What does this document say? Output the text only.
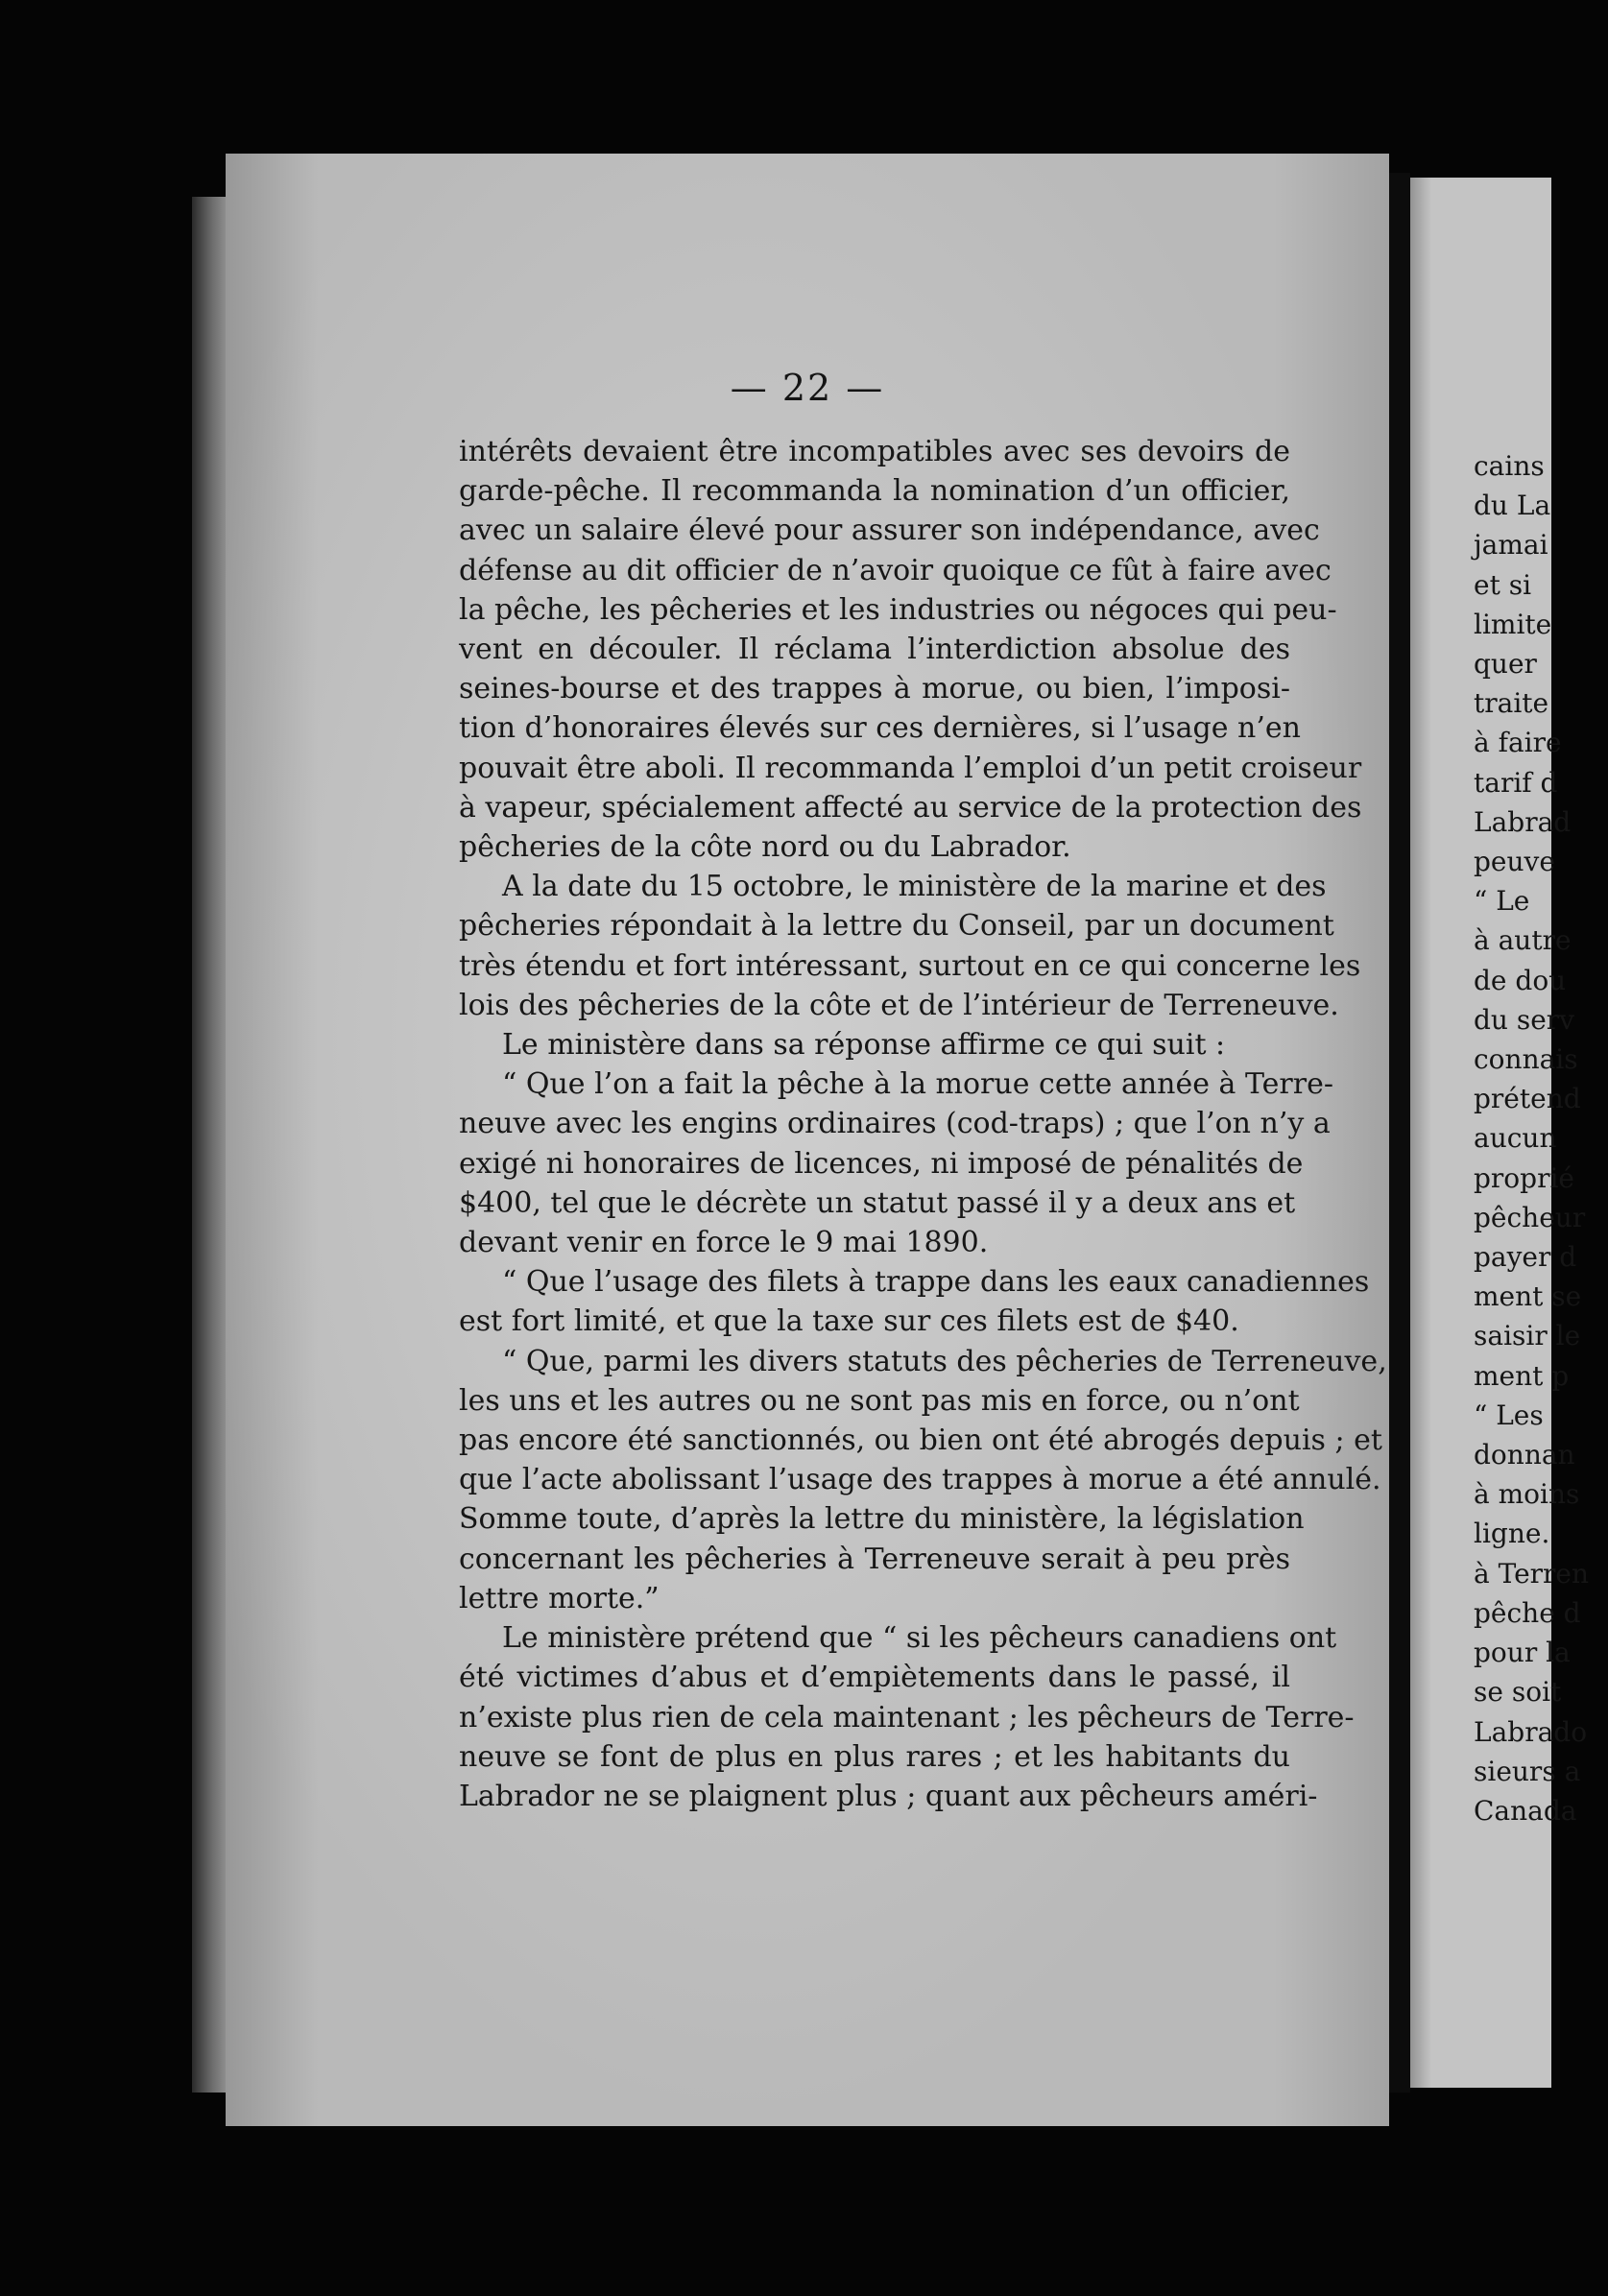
— 22 —
intérêts devaient être incompatibles avec ses devoirs de
garde-pêche. Il recommanda la nomination d’un officier,
avec un salaire élevé pour assurer son indépendance, avec
défense au dit officier de n’avoir quoique ce fût à faire avec
la pêche, les pêcheries et les industries ou négoces qui peu-
vent en découler. Il réclama l’interdiction absolue des
seines-bourse et des trappes à morue, ou bien, l’imposi-
tion d’honoraires élevés sur ces dernières, si l’usage n’en
pouvait être aboli. Il recommanda l’emploi d’un petit croiseur
à vapeur, spécialement affecté au service de la protection des
pêcheries de la côte nord ou du Labrador.
A la date du 15 octobre, le ministère de la marine et des
pêcheries répondait à la lettre du Conseil, par un document
très étendu et fort intéressant, surtout en ce qui concerne les
lois des pêcheries de la côte et de l’intérieur de Terreneuve.
Le ministère dans sa réponse affirme ce qui suit :
“ Que l’on a fait la pêche à la morue cette année à Terre-
neuve avec les engins ordinaires (cod-traps) ; que l’on n’y a
exigé ni honoraires de licences, ni imposé de pénalités de
$400, tel que le décrète un statut passé il y a deux ans et
devant venir en force le 9 mai 1890.
“ Que l’usage des filets à trappe dans les eaux canadiennes
est fort limité, et que la taxe sur ces filets est de $40.
“ Que, parmi les divers statuts des pêcheries de Terreneuve,
les uns et les autres ou ne sont pas mis en force, ou n’ont
pas encore été sanctionnés, ou bien ont été abrogés depuis ; et
que l’acte abolissant l’usage des trappes à morue a été annulé.
Somme toute, d’après la lettre du ministère, la législation
concernant les pêcheries à Terreneuve serait à peu près
lettre morte.”
Le ministère prétend que “ si les pêcheurs canadiens ont
été victimes d’abus et d’empiètements dans le passé, il
n’existe plus rien de cela maintenant ; les pêcheurs de Terre-
neuve se font de plus en plus rares ; et les habitants du
Labrador ne se plaignent plus ; quant aux pêcheurs améri-
cains
du La
jamai
et si
limite
quer
traite
à faire
tarif d
Labrad
peuve
“ Le
à autre
de dou
du serv
connais
prétend
aucun
proprié
pêcheur
payer d
ment se
saisir le
ment p
“ Les
donnan
à moins
ligne.
à Terren
pêche d
pour la
se soit
Labrado
sieurs a
Canada
